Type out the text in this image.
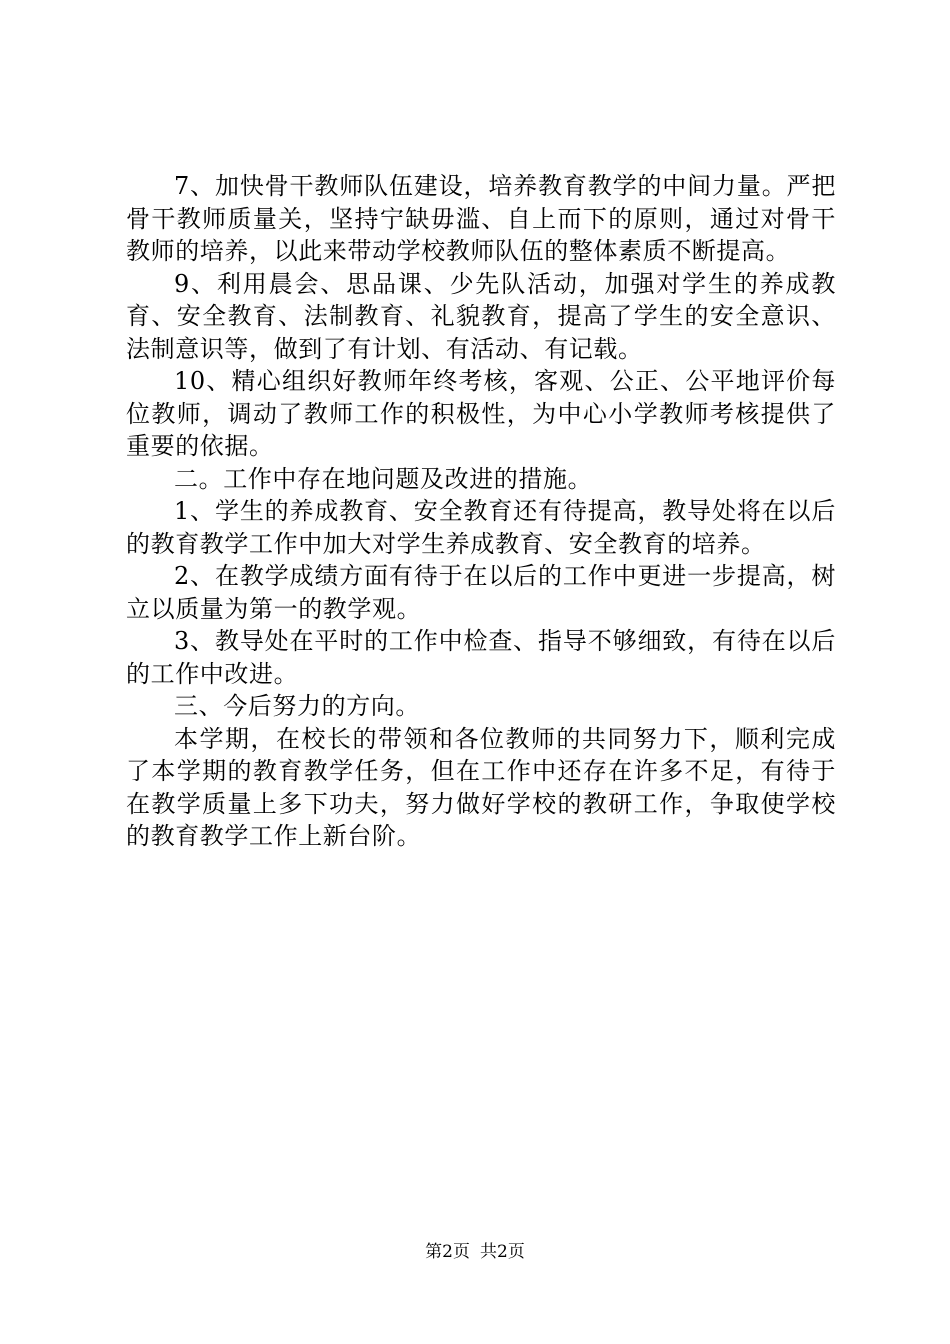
7、加快骨干教师队伍建设，培养教育教学的中间力量。严把骨干教师质量关，坚持宁缺毋滥、自上而下的原则，通过对骨干教师的培养，以此来带动学校教师队伍的整体素质不断提高。

9、利用晨会、思品课、少先队活动，加强对学生的养成教育、安全教育、法制教育、礼貌教育，提高了学生的安全意识、法制意识等，做到了有计划、有活动、有记载。

10、精心组织好教师年终考核，客观、公正、公平地评价每位教师，调动了教师工作的积极性，为中心小学教师考核提供了重要的依据。

二。工作中存在地问题及改进的措施。

1、学生的养成教育、安全教育还有待提高，教导处将在以后的教育教学工作中加大对学生养成教育、安全教育的培养。

2、在教学成绩方面有待于在以后的工作中更进一步提高，树立以质量为第一的教学观。

3、教导处在平时的工作中检查、指导不够细致，有待在以后的工作中改进。

三、今后努力的方向。

本学期，在校长的带领和各位教师的共同努力下，顺利完成了本学期的教育教学任务，但在工作中还存在许多不足，有待于在教学质量上多下功夫，努力做好学校的教研工作，争取使学校的教育教学工作上新台阶。

第2页 共2页
